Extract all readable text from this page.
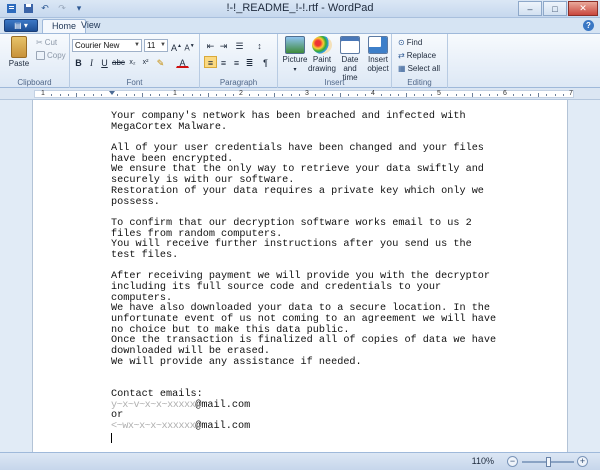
↶	↷	▾	!-!_README_!-!.rtf - WordPad	–	□	✕
▤ ▾	Home View	?
Paste
✂ Cut
Copy
Clipboard
Courier New ▼ 11 ▼ A▲ A▼
B I U abc x₂ x² ✎	A
Font
⇤ ⇥ ☰	↕
≡ ≡ ≡ ≣	¶
Paragraph
Picture
▾
Paint drawing
Date and time
Insert object
Insert
⊙ Find
⇄ Replace
▦ Select all
Editing
1	1	2	3	4	5	6	7
Your company's network has been breached and infected with
MegaCortex Malware.
All of your user credentials have been changed and your files
have been encrypted.
We ensure that the only way to retrieve your data swiftly and
securely is with our software.
Restoration of your data requires a private key which only we
possess.
To confirm that our decryption software works email to us 2
files from random computers.
You will receive further instructions after you send us the
test files.
After receiving payment we will provide you with the decryptor
including its full source code and credentials to your
computers.
We have also downloaded your data to a secure location. In the
unfortunate event of us not coming to an agreement we will have
no choice but to make this data public.
Once the transaction is finalized all of copies of data we have
downloaded will be erased.
We will provide any assistance if needed.
Contact emails:
y~x~v~x~x~xxxxx@mail.com
or
<~wx~x~x~xxxxxx@mail.com
110%	−	+
